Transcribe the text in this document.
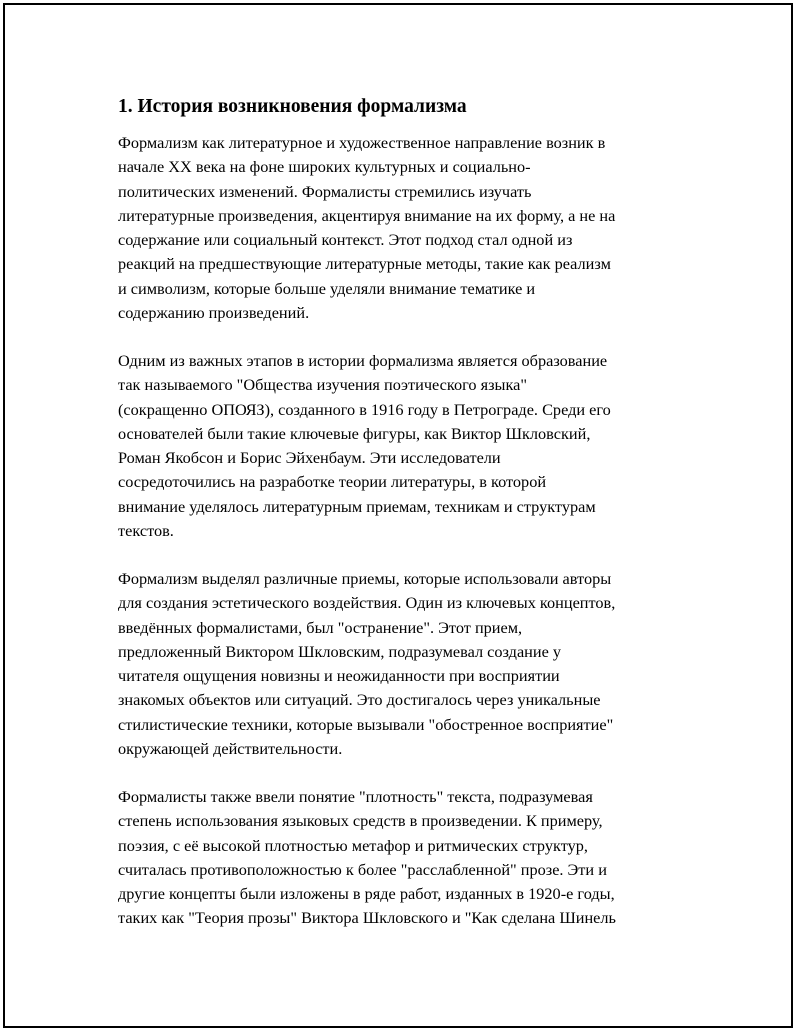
1. История возникновения формализма

Формализм как литературное и художественное направление возник в
начале XX века на фоне широких культурных и социально-
политических изменений. Формалисты стремились изучать
литературные произведения, акцентируя внимание на их форму, а не на
содержание или социальный контекст. Этот подход стал одной из
реакций на предшествующие литературные методы, такие как реализм
и символизм, которые больше уделяли внимание тематике и
содержанию произведений.

Одним из важных этапов в истории формализма является образование
так называемого "Общества изучения поэтического языка"
(сокращенно ОПОЯЗ), созданного в 1916 году в Петрограде. Среди его
основателей были такие ключевые фигуры, как Виктор Шкловский,
Роман Якобсон и Борис Эйхенбаум. Эти исследователи
сосредоточились на разработке теории литературы, в которой
внимание уделялось литературным приемам, техникам и структурам
текстов.

Формализм выделял различные приемы, которые использовали авторы
для создания эстетического воздействия. Один из ключевых концептов,
введённых формалистами, был "остранение". Этот прием,
предложенный Виктором Шкловским, подразумевал создание у
читателя ощущения новизны и неожиданности при восприятии
знакомых объектов или ситуаций. Это достигалось через уникальные
стилистические техники, которые вызывали "обостренное восприятие"
окружающей действительности.

Формалисты также ввели понятие "плотность" текста, подразумевая
степень использования языковых средств в произведении. К примеру,
поэзия, с её высокой плотностью метафор и ритмических структур,
считалась противоположностью к более "расслабленной" прозе. Эти и
другие концепты были изложены в ряде работ, изданных в 1920-е годы,
таких как "Теория прозы" Виктора Шкловского и "Как сделана Шинель
